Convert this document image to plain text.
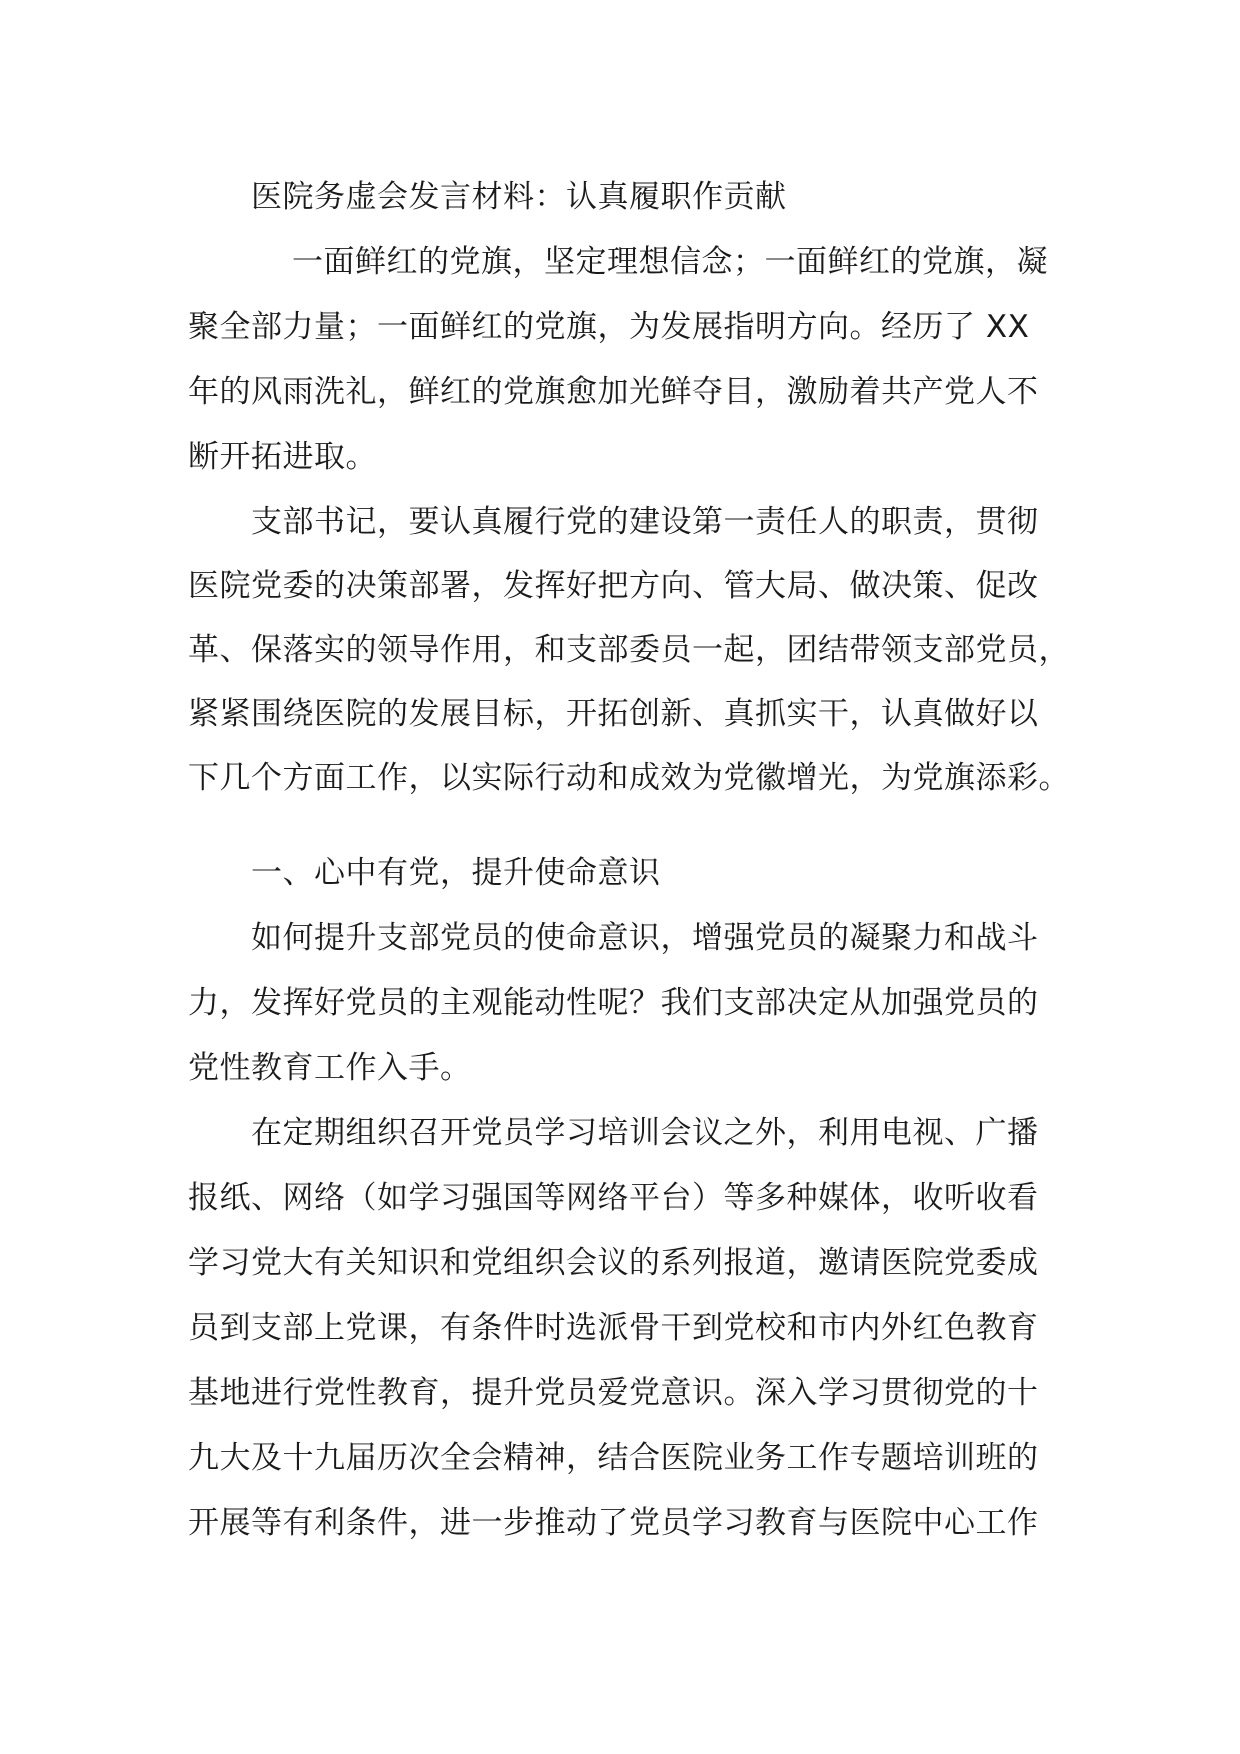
医院务虚会发言材料：认真履职作贡献
一面鲜红的党旗，坚定理想信念；一面鲜红的党旗，凝
聚全部力量；一面鲜红的党旗，为发展指明方向。经历了 XX
年的风雨洗礼，鲜红的党旗愈加光鲜夺目，激励着共产党人不
断开拓进取。
支部书记，要认真履行党的建设第一责任人的职责，贯彻
医院党委的决策部署，发挥好把方向、管大局、做决策、促改
革、保落实的领导作用，和支部委员一起，团结带领支部党员，
紧紧围绕医院的发展目标，开拓创新、真抓实干，认真做好以
下几个方面工作，以实际行动和成效为党徽增光，为党旗添彩。
一、心中有党，提升使命意识
如何提升支部党员的使命意识，增强党员的凝聚力和战斗
力，发挥好党员的主观能动性呢？我们支部决定从加强党员的
党性教育工作入手。
在定期组织召开党员学习培训会议之外，利用电视、广播
报纸、网络（如学习强国等网络平台）等多种媒体，收听收看
学习党大有关知识和党组织会议的系列报道，邀请医院党委成
员到支部上党课，有条件时选派骨干到党校和市内外红色教育
基地进行党性教育，提升党员爱党意识。深入学习贯彻党的十
九大及十九届历次全会精神，结合医院业务工作专题培训班的
开展等有利条件，进一步推动了党员学习教育与医院中心工作
